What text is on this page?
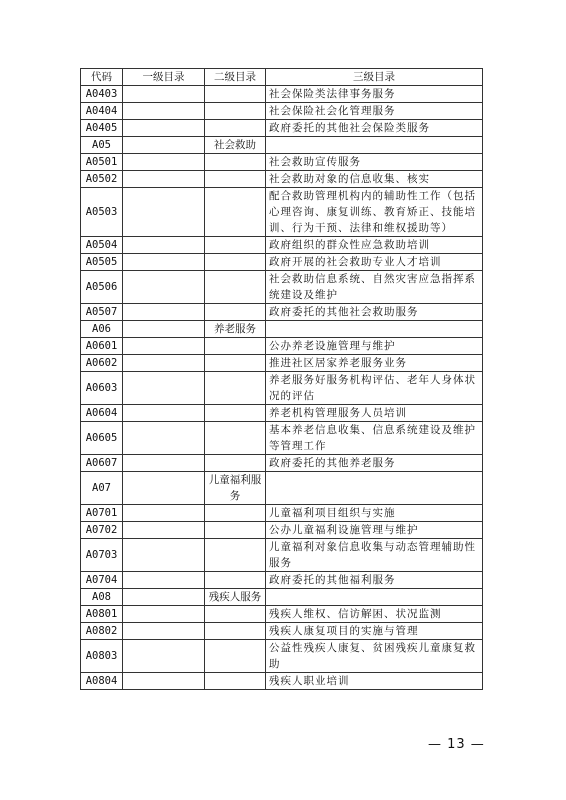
代码	一级目录	二级目录	三级目录
A0403			社会保险类法律事务服务
A0404			社会保险社会化管理服务
A0405			政府委托的其他社会保险类服务
A05		社会救助	
A0501			社会救助宣传服务
A0502			社会救助对象的信息收集、核实
A0503			配合救助管理机构内的辅助性工作（包括心理咨询、康复训练、教育矫正、技能培训、行为干预、法律和维权援助等）
A0504			政府组织的群众性应急救助培训
A0505			政府开展的社会救助专业人才培训
A0506			社会救助信息系统、自然灾害应急指挥系统建设及维护
A0507			政府委托的其他社会救助服务
A06		养老服务	
A0601			公办养老设施管理与维护
A0602			推进社区居家养老服务业务
A0603			养老服务好服务机构评估、老年人身体状况的评估
A0604			养老机构管理服务人员培训
A0605			基本养老信息收集、信息系统建设及维护等管理工作
A0607			政府委托的其他养老服务
A07		儿童福利服务	
A0701			儿童福利项目组织与实施
A0702			公办儿童福利设施管理与维护
A0703			儿童福利对象信息收集与动态管理辅助性服务
A0704			政府委托的其他福利服务
A08		残疾人服务	
A0801			残疾人维权、信访解困、状况监测
A0802			残疾人康复项目的实施与管理
A0803			公益性残疾人康复、贫困残疾儿童康复救助
A0804			残疾人职业培训
— 13 —
